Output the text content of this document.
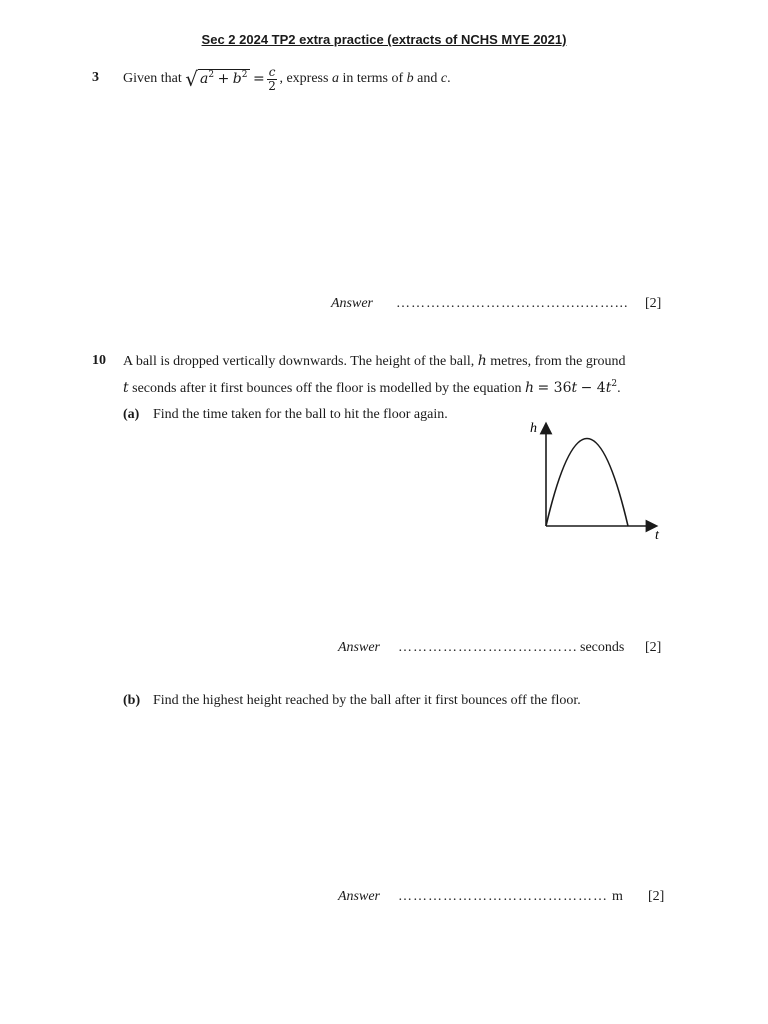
Sec 2 2024 TP2 extra practice (extracts of NCHS MYE 2021)
3 Given that
√ $a^2 + b^2$
= $\frac{c}{2}$ , express
a
in terms of
b
and
c .
Answer ………………………………..……... [2]
10 A ball is dropped vertically downwards. The height of the ball, h metres, from the ground
t seconds after it first bounces off the floor is modelled by the equation $h = 36t - 4t^2$.
(a) Find the time taken for the ball to hit the floor again.
h
t
Answer ……………………………… seconds [2]
(b) Find the highest height reached by the ball after it first bounces off the floor.
Answer …………………………………… m [2]
